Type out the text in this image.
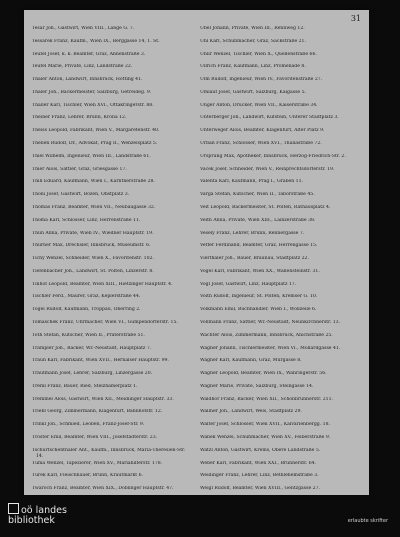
31

Tesar Joh., Gastwirt, Wien VIII., Lange G. 7.

Tessarek Franz, Kaufm., Wien IX., Berggasse 14, 1. St.

Teufel Josef, k. k. Beamter, Graz, Annenstraße 3.

Teufel Marie, Private, Linz, Landstraße 22.

Thaler Anton, Landwirt, Innsbruck, Hötting 41.

Thaler Joh., Bäckermeister, Salzburg, Getreideg. 9.

Thaller Karl, Tischler, Wien XVI., Ottakringerstr. 88.

Theiner Franz, Lehrer, Brünn, Kröna 12.

Theiss Leopold, Fabrikant, Wien V., Margaretenstr. 40.

Thenen Rudolf, Dr., Advokat, Prag II., Wenzelsplatz 5.

Thiel Wilhelm, Ingenieur, Wien III., Landstraße 61.

Thier Alois, Sattler, Graz, Griesgasse 17.

Thill Eduard, Kaufmann, Wien I., Kärntnerstraße 28.

Thöni Josef, Gastwirt, Bozen, Obstplatz 3.

Thomas Franz, Beamter, Wien VII., Neubaugasse 32.

Thoma Karl, Schlosser, Linz, Herrenstraße 11.

Thun Anna, Private, Wien IV., Wiedner Hauptstr. 19.

Thurner Max, Drechsler, Innsbruck, Museumstr. 6.

Tichy Wenzel, Schneider, Wien X., Favoritenstr. 102.

Tiefenbacher Joh., Landwirt, St. Pölten, Linzerstr. 8.

Tinhof Leopold, Beamter, Wien XIII., Hietzinger Hauptstr. 4.

Tischler Ferd., Maurer, Graz, Keplerstraße 44.

Tögel Rudolf, Kaufmann, Troppau, Oberring 2.

Tomaschek Franz, Uhrmacher, Wien VI., Gumpendorferstr. 15.

Toth Stefan, Kutscher, Wien II., Praterstraße 51.

Trampler Joh., Bäcker, Wr.-Neustadt, Hauptplatz 7.

Traun Karl, Fabrikant, Wien XVII., Hernalser Hauptstr. 99.

Trautmann Josef, Lehrer, Salzburg, Linzergasse 20.

Treml Franz, Bauer, Ried, Stelzhamerplatz 1.

Tremmel Alois, Gastwirt, Wien XII., Meidlinger Hauptstr. 33.

Triebl Georg, Zimmermann, Klagenfurt, Bahnhofstr. 12.

Trinkl Joh., Schmied, Leoben, Franz-Josef-Str. 9.

Tröster Emil, Beamter, Wien VIII., Josefstädterstr. 23.

Tschurtschenthaler Ant., Kaufm., Innsbruck, Maria-Theresien-Str. 14.

Tuma Wenzel, Tapezierer, Wien XV., Mariahilferstr. 178.

Turek Karl, Fleischhauer, Brünn, Krautmarkt 6.

Twaroch Franz, Beamter, Wien XIX., Döblinger Hauptstr. 47.

Übel Johann, Private, Wien III., Rennweg 12.

Uhl Karl, Schuhmacher, Graz, Sackstraße 21.

Uhlir Wenzel, Tischler, Wien X., Quellenstraße 66.

Ullrich Franz, Kaufmann, Linz, Promenade 8.

Ulm Rudolf, Ingenieur, Wien IV., Favoritenstraße 27.

Umlauf Josef, Gastwirt, Salzburg, Kaigasse 5.

Unger Anton, Drucker, Wien VII., Kaiserstraße 34.

Unterberger Joh., Landwirt, Kufstein, Unterer Stadtplatz 3.

Unterweger Alois, Beamter, Klagenfurt, Alter Platz 9.

Urban Franz, Schlosser, Wien XVI., Thaliastraße 72.

Ursprung Max, Apotheker, Innsbruck, Herzog-Friedrich-Str. 2.

Vacek Josef, Schneider, Wien V., Reinprechtsdorferstr. 19.

Valenta Karl, Kaufmann, Prag I., Graben 11.

Varga Stefan, Kutscher, Wien II., Taborstraße 45.

Veit Leopold, Bäckermeister, St. Pölten, Rathausplatz 4.

Veith Anna, Private, Wien XIII., Lainzerstraße 38.

Vesely Franz, Lehrer, Brünn, Rennergasse 7.

Vetter Ferdinand, Beamter, Graz, Herrengasse 15.

Vierthaler Joh., Bauer, Braunau, Stadtplatz 22.

Vogel Karl, Fabrikant, Wien XX., Wallensteinstr. 31.

Vogl Josef, Gastwirt, Linz, Hauptplatz 17.

Voith Rudolf, Ingenieur, St. Pölten, Kremser G. 10.

Volkmann Emil, Buchhändler, Wien I., Wollzeile 6.

Vollmann Franz, Sattler, Wr.-Neustadt, Neunkirchnerstr. 13.

Wachter Alois, Zimmermann, Innsbruck, Anichstraße 25.

Wagner Johann, Tischlermeister, Wien VI., Mollardgasse 41.

Wagner Karl, Kaufmann, Graz, Murgasse 8.

Wagner Leopold, Beamter, Wien IX., Währingerstr. 56.

Wagner Marie, Private, Salzburg, Steingasse 14.

Waldhör Franz, Bäcker, Wien XII., Schönbrunnerstr. 211.

Wallner Joh., Landwirt, Wels, Stadtplatz 29.

Walter Josef, Schlosser, Wien XVII., Kalvarienbergg. 18.

Wanek Wenzel, Schuhmacher, Wien XV., Felberstraße 9.

Watzl Anton, Gastwirt, Krems, Obere Landstraße 5.

Weber Karl, Fabrikant, Wien XXI., Brünnerstr. 64.

Weidinger Franz, Lehrer, Linz, Bethlehemstraße 3.

Weigl Rudolf, Beamter, Wien XVIII., Gentzgasse 27.

oö landes
bibliothek	erlaubte skrifter
